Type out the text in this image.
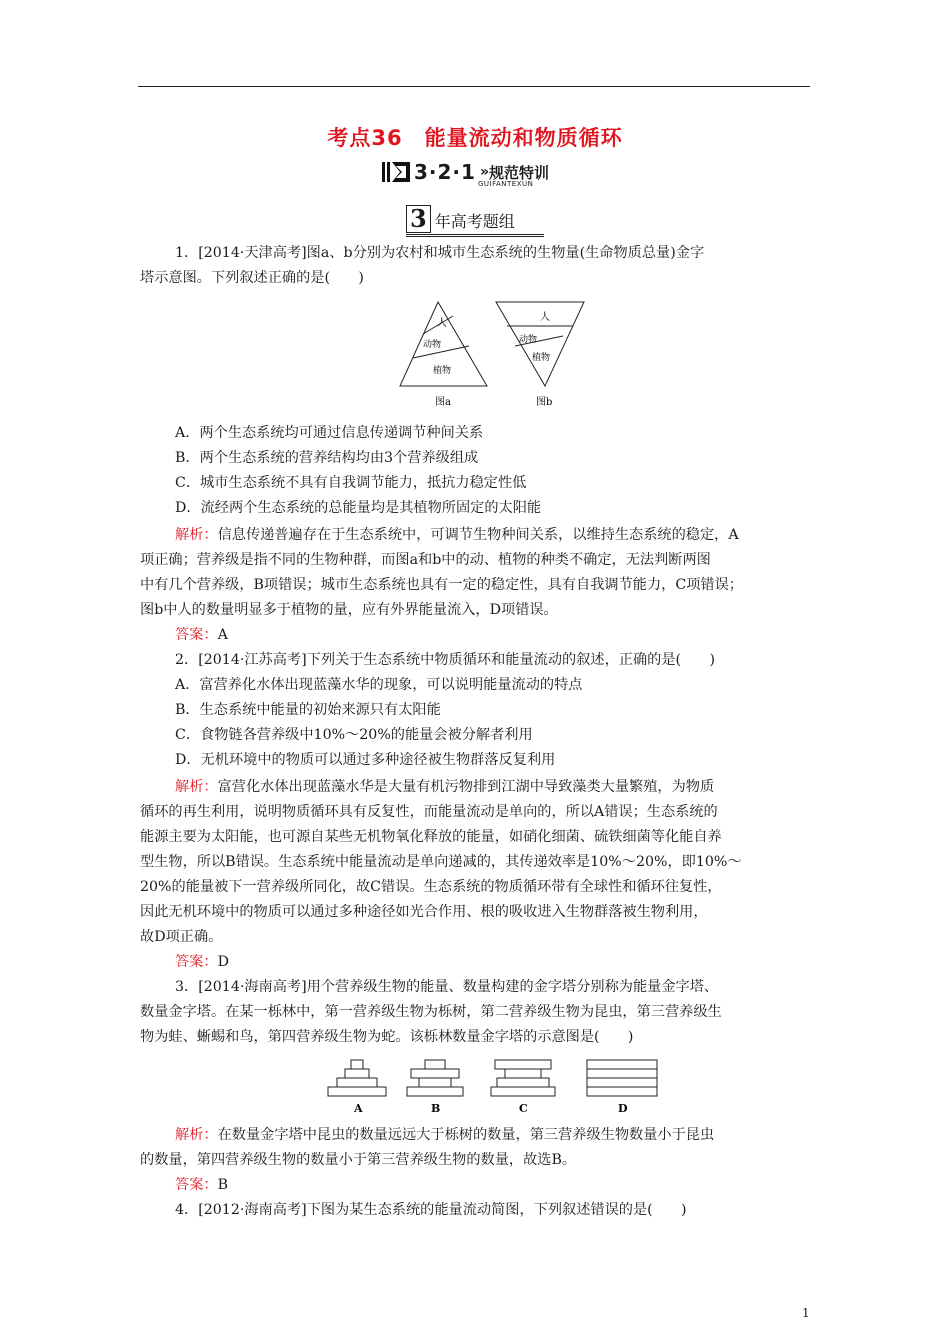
考点36　能量流动和物质循环
3·2·1 » 规范特训
GUIFANTEXUN
3 年高考题组
1．[2014·天津高考]图a、b分别为农村和城市生态系统的生物量(生命物质总量)金字
塔示意图。下列叙述正确的是(　　)
人
动物
植物
图a
人
动物
植物
图b
A．两个生态系统均可通过信息传递调节种间关系
B．两个生态系统的营养结构均由3个营养级组成
C．城市生态系统不具有自我调节能力，抵抗力稳定性低
D．流经两个生态系统的总能量均是其植物所固定的太阳能
解析：信息传递普遍存在于生态系统中，可调节生物种间关系，以维持生态系统的稳定，A
项正确；营养级是指不同的生物种群，而图a和b中的动、植物的种类不确定，无法判断两图
中有几个营养级，B项错误；城市生态系统也具有一定的稳定性，具有自我调节能力，C项错误；
图b中人的数量明显多于植物的量，应有外界能量流入，D项错误。
答案：A
2．[2014·江苏高考]下列关于生态系统中物质循环和能量流动的叙述，正确的是(　　)
A．富营养化水体出现蓝藻水华的现象，可以说明能量流动的特点
B．生态系统中能量的初始来源只有太阳能
C．食物链各营养级中10%～20%的能量会被分解者利用
D．无机环境中的物质可以通过多种途径被生物群落反复利用
解析：富营化水体出现蓝藻水华是大量有机污物排到江湖中导致藻类大量繁殖，为物质
循环的再生利用，说明物质循环具有反复性，而能量流动是单向的，所以A错误；生态系统的
能源主要为太阳能，也可源自某些无机物氧化释放的能量，如硝化细菌、硫铁细菌等化能自养
型生物，所以B错误。生态系统中能量流动是单向递减的，其传递效率是10%～20%，即10%～
20%的能量被下一营养级所同化，故C错误。生态系统的物质循环带有全球性和循环往复性，
因此无机环境中的物质可以通过多种途径如光合作用、根的吸收进入生物群落被生物利用，
故D项正确。
答案：D
3．[2014·海南高考]用个营养级生物的能量、数量构建的金字塔分别称为能量金字塔、
数量金字塔。在某一栎林中，第一营养级生物为栎树，第二营养级生物为昆虫，第三营养级生
物为蛙、蜥蜴和鸟，第四营养级生物为蛇。该栎林数量金字塔的示意图是(　　)
A	B	C	D
解析：在数量金字塔中昆虫的数量远远大于栎树的数量，第三营养级生物数量小于昆虫
的数量，第四营养级生物的数量小于第三营养级生物的数量，故选B。
答案：B
4．[2012·海南高考]下图为某生态系统的能量流动简图，下列叙述错误的是(　　)
1
